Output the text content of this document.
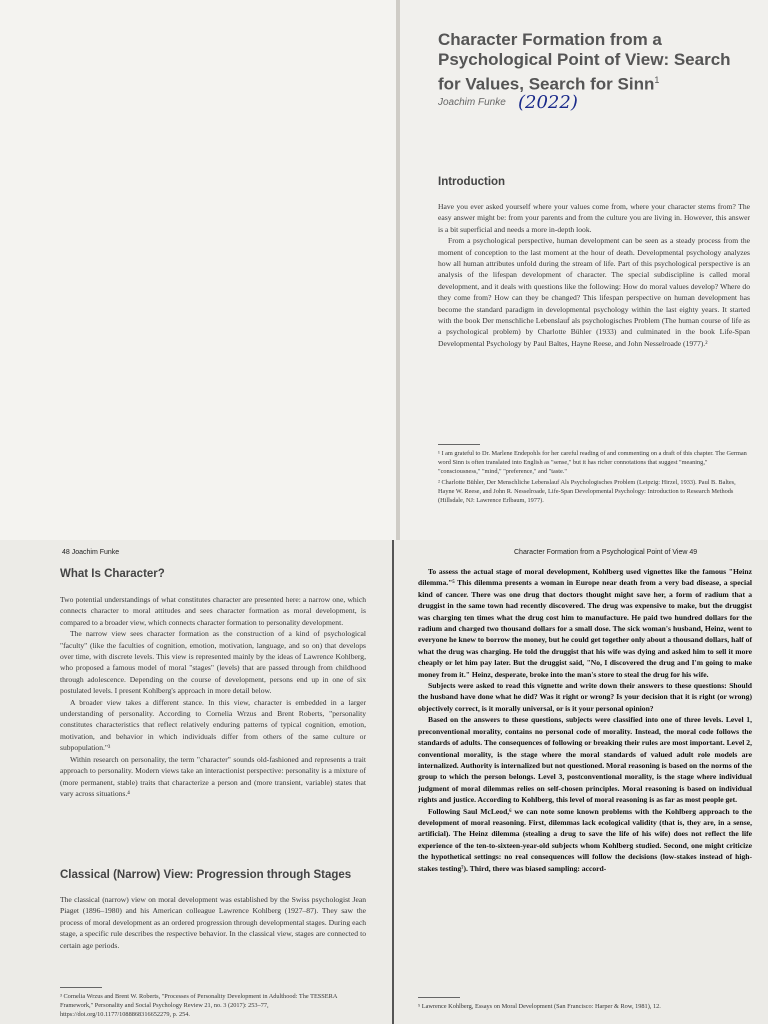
Character Formation from a Psychological Point of View: Search for Values, Search for Sinn$^1$
Joachim Funke (2022)
Introduction

Have you ever asked yourself where your values come from, where your character stems from? The easy answer might be: from your parents and from the culture you are living in. However, this answer is a bit superficial and needs a more in-depth look.

From a psychological perspective, human development can be seen as a steady process from the moment of conception to the last moment at the hour of death. Developmental psychology analyzes how all human attributes unfold during the stream of life. Part of this psychological perspective is an analysis of the lifespan development of character. The special subdiscipline is called moral development, and it deals with questions like the following: How do moral values develop? Where do they come from? How can they be changed? This lifespan perspective on human development has become the standard paradigm in developmental psychology within the last eighty years. It started with the book Der menschliche Lebenslauf als psychologisches Problem (The human course of life as a psychological problem) by Charlotte Bühler (1933) and culminated in the book Life-Span Developmental Psychology by Paul Baltes, Hayne Reese, and John Nesselroade (1977).²

¹ I am grateful to Dr. Marlene Endepohls for her careful reading of and commenting on a draft of this chapter. The German word Sinn is often translated into English as "sense," but it has richer connotations that suggest "meaning," "consciousness," "mind," "preference," and "taste."
² Charlotte Bühler, Der Menschliche Lebenslauf Als Psychologisches Problem (Leipzig: Hirzel, 1933). Paul B. Baltes, Hayne W. Reese, and John R. Nesselroade, Life-Span Developmental Psychology: Introduction to Research Methods (Hillsdale, NJ: Lawrence Erlbaum, 1977).
48 Joachim Funke
What Is Character?

Two potential understandings of what constitutes character are presented here: a narrow one, which connects character to moral attitudes and sees character formation as moral development, is compared to a broader view, which connects character formation to personality development.

The narrow view sees character formation as the construction of a kind of psychological "faculty" (like the faculties of cognition, emotion, motivation, language, and so on) that develops over time, with discrete levels. This view is represented mainly by the ideas of Lawrence Kohlberg, who proposed a famous model of moral "stages" (levels) that are passed through from childhood through adolescence. Depending on the course of development, persons end up in one of six postulated levels. I present Kohlberg's approach in more detail below.

A broader view takes a different stance. In this view, character is embedded in a larger understanding of personality. According to Cornelia Wrzus and Brent Roberts, "personality constitutes characteristics that reflect relatively enduring patterns of typical cognition, emotion, motivation, and behavior in which individuals differ from others of the same culture or subpopulation."³

Within research on personality, the term "character" sounds old-fashioned and represents a trait approach to personality. Modern views take an interactionist perspective: personality is a mixture of (more permanent, stable) traits that characterize a person and (more transient, variable) states that vary across situations.⁴

Classical (Narrow) View: Progression through Stages

The classical (narrow) view on moral development was established by the Swiss psychologist Jean Piaget (1896–1980) and his American colleague Lawrence Kohlberg (1927–87). They saw the process of moral development as an ordered progression through developmental stages. During each stage, a specific rule describes the respective behavior. In the classical view, stages are connected to certain age periods.

³ Cornelia Wrzus and Brent W. Roberts, "Processes of Personality Development in Adulthood: The TESSERA Framework," Personality and Social Psychology Review 21, no. 3 (2017): 253–77, https://doi.org/10.1177/1088868316652279, p. 254.
Character Formation from a Psychological Point of View 49

To assess the actual stage of moral development, Kohlberg used vignettes like the famous "Heinz dilemma."⁵ This dilemma presents a woman in Europe near death from a very bad disease, a special kind of cancer. There was one drug that doctors thought might save her, a form of radium that a druggist in the same town had recently discovered. The drug was expensive to make, but the druggist was charging ten times what the drug cost him to manufacture. He paid two hundred dollars for the radium and charged two thousand dollars for a small dose. The sick woman's husband, Heinz, went to everyone he knew to borrow the money, but he could get together only about a thousand dollars, half of what the drug was charging. He told the druggist that his wife was dying and asked him to sell it more cheaply or let him pay later. But the druggist said, "No, I discovered the drug and I'm going to make money from it." Heinz, desperate, broke into the man's store to steal the drug for his wife.

Subjects were asked to read this vignette and write down their answers to these questions: Should the husband have done what he did? Was it right or wrong? Is your decision that it is right (or wrong) objectively correct, is it morally universal, or is it your personal opinion?

Based on the answers to these questions, subjects were classified into one of three levels. Level 1, preconventional morality, contains no personal code of morality. Instead, the moral code follows the standards of adults. The consequences of following or breaking their rules are most important. Level 2, conventional morality, is the stage where the moral standards of valued adult role models are internalized. Authority is internalized but not questioned. Moral reasoning is based on the norms of the group to which the person belongs. Level 3, postconventional morality, is the stage where individual judgment of moral dilemmas relies on self-chosen principles. Moral reasoning is based on individual rights and justice. According to Kohlberg, this level of moral reasoning is as far as most people get.

Following Saul McLeod,⁶ we can note some known problems with the Kohlberg approach to the development of moral reasoning. First, dilemmas lack ecological validity (that is, they are, in a sense, artificial). The Heinz dilemma (stealing a drug to save the life of his wife) does not reflect the life experience of the ten-to-sixteen-year-old subjects whom Kohlberg studied. Second, one might criticize the hypothetical settings: no real consequences will follow the decisions (low-stakes instead of high-stakes testing⁷). Third, there was biased sampling: accord-

⁵ Lawrence Kohlberg, Essays on Moral Development (San Francisco: Harper & Row, 1981), 12.
